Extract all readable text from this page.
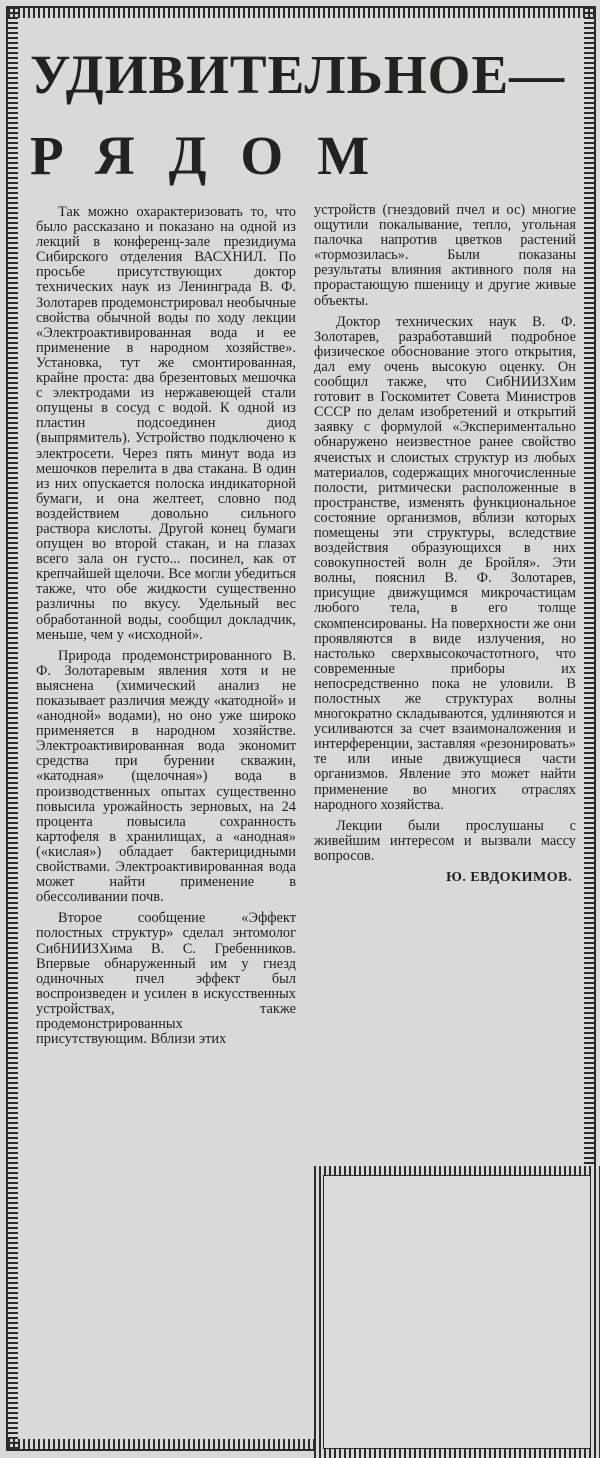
УДИВИТЕЛЬНОЕ—
РЯДОМ

Так можно охарактеризовать то, что было рассказано и показано на одной из лекций в конференц-зале президиума Сибирского отделения ВАСХНИЛ. По просьбе присутствующих доктор технических наук из Ленинграда В. Ф. Золотарев продемонстрировал необычные свойства обычной воды по ходу лекции «Электроактивированная вода и ее применение в народном хозяйстве». Установка, тут же смонтированная, крайне проста: два брезентовых мешочка с электродами из нержавеющей стали опущены в сосуд с водой. К одной из пластин подсоединен диод (выпрямитель). Устройство подключено к электросети. Через пять минут вода из мешочков перелита в два стакана. В один из них опускается полоска индикаторной бумаги, и она желтеет, словно под воздействием довольно сильного раствора кислоты. Другой конец бумаги опущен во второй стакан, и на глазах всего зала он густо... посинел, как от крепчайшей щелочи. Все могли убедиться также, что обе жидкости существенно различны по вкусу. Удельный вес обработанной воды, сообщил докладчик, меньше, чем у «исходной».

Природа продемонстрированного В. Ф. Золотаревым явления хотя и не выяснена (химический анализ не показывает различия между «катодной» и «анодной» водами), но оно уже широко применяется в народном хозяйстве. Электроактивированная вода экономит средства при бурении скважин, «катодная» (щелочная») вода в производственных опытах существенно повысила урожайность зерновых, на 24 процента повысила сохранность картофеля в хранилищах, а «анодная» («кислая») обладает бактерицидными свойствами. Электроактивированная вода может найти применение в обессоливании почв.

Второе сообщение «Эффект полостных структур» сделал энтомолог СибНИИЗХима В. С. Гребенников. Впервые обнаруженный им у гнезд одиночных пчел эффект был воспроизведен и усилен в искусственных устройствах, также продемонстрированных присутствующим. Вблизи этих

устройств (гнездовий пчел и ос) многие ощутили покалывание, тепло, угольная палочка напротив цветков растений «тормозилась». Были показаны результаты влияния активного поля на прорастающую пшеницу и другие живые объекты.

Доктор технических наук В. Ф. Золотарев, разработавший подробное физическое обоснование этого открытия, дал ему очень высокую оценку. Он сообщил также, что СибНИИЗХим готовит в Госкомитет Совета Министров СССР по делам изобретений и открытий заявку с формулой «Экспериментально обнаружено неизвестное ранее свойство ячеистых и слоистых структур из любых материалов, содержащих многочисленные полости, ритмически расположенные в пространстве, изменять функциональное состояние организмов, вблизи которых помещены эти структуры, вследствие воздействия образующихся в них совокупностей волн де Бройля». Эти волны, пояснил В. Ф. Золотарев, присущие движущимся микрочастицам любого тела, в его толще скомпенсированы. На поверхности же они проявляются в виде излучения, но настолько сверхвысокочастотного, что современные приборы их непосредственно пока не уловили. В полостных же структурах волны многократно складываются, удлиняются и усиливаются за счет взаимоналожения и интерференции, заставляя «резонировать» те или иные движущиеся части организмов. Явление это может найти применение во многих отраслях народного хозяйства.

Лекции были прослушаны с живейшим интересом и вызвали массу вопросов.

Ю. ЕВДОКИМОВ.
